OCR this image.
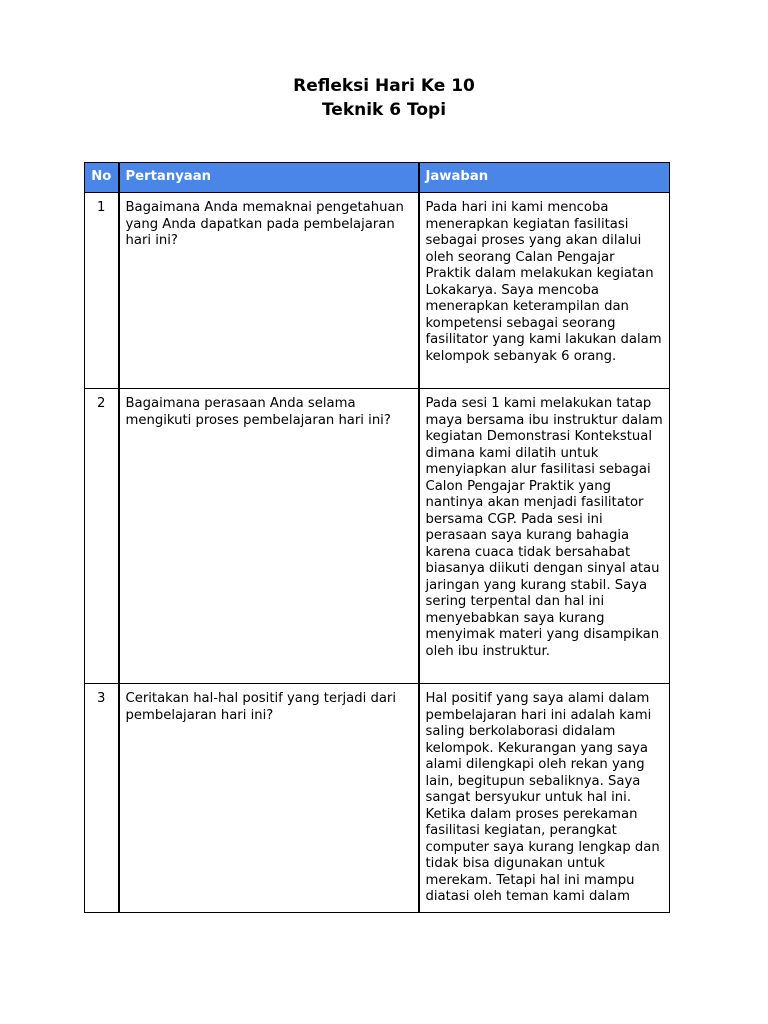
Refleksi Hari Ke 10
Teknik 6 Topi
No	Pertanyaan	Jawaban
1	Bagaimana Anda memaknai pengetahuan yang Anda dapatkan pada pembelajaran hari ini?	Pada hari ini kami mencoba menerapkan kegiatan fasilitasi sebagai proses yang akan dilalui oleh seorang Calan Pengajar Praktik dalam melakukan kegiatan Lokakarya. Saya mencoba menerapkan keterampilan dan kompetensi sebagai seorang fasilitator yang kami lakukan dalam kelompok sebanyak 6 orang.
2	Bagaimana perasaan Anda selama mengikuti proses pembelajaran hari ini?	Pada sesi 1 kami melakukan tatap maya bersama ibu instruktur dalam kegiatan Demonstrasi Kontekstual dimana kami dilatih untuk menyiapkan alur fasilitasi sebagai Calon Pengajar Praktik yang nantinya akan menjadi fasilitator bersama CGP. Pada sesi ini perasaan saya kurang bahagia karena cuaca tidak bersahabat biasanya diikuti dengan sinyal atau jaringan yang kurang stabil. Saya sering terpental dan hal ini menyebabkan saya kurang menyimak materi yang disampikan oleh ibu instruktur.
3	Ceritakan hal-hal positif yang terjadi dari pembelajaran hari ini?	Hal positif yang saya alami dalam pembelajaran hari ini adalah kami saling berkolaborasi didalam kelompok. Kekurangan yang saya alami dilengkapi oleh rekan yang lain, begitupun sebaliknya. Saya sangat bersyukur untuk hal ini. Ketika dalam proses perekaman fasilitasi kegiatan, perangkat computer saya kurang lengkap dan tidak bisa digunakan untuk merekam. Tetapi hal ini mampu diatasi oleh teman kami dalam
